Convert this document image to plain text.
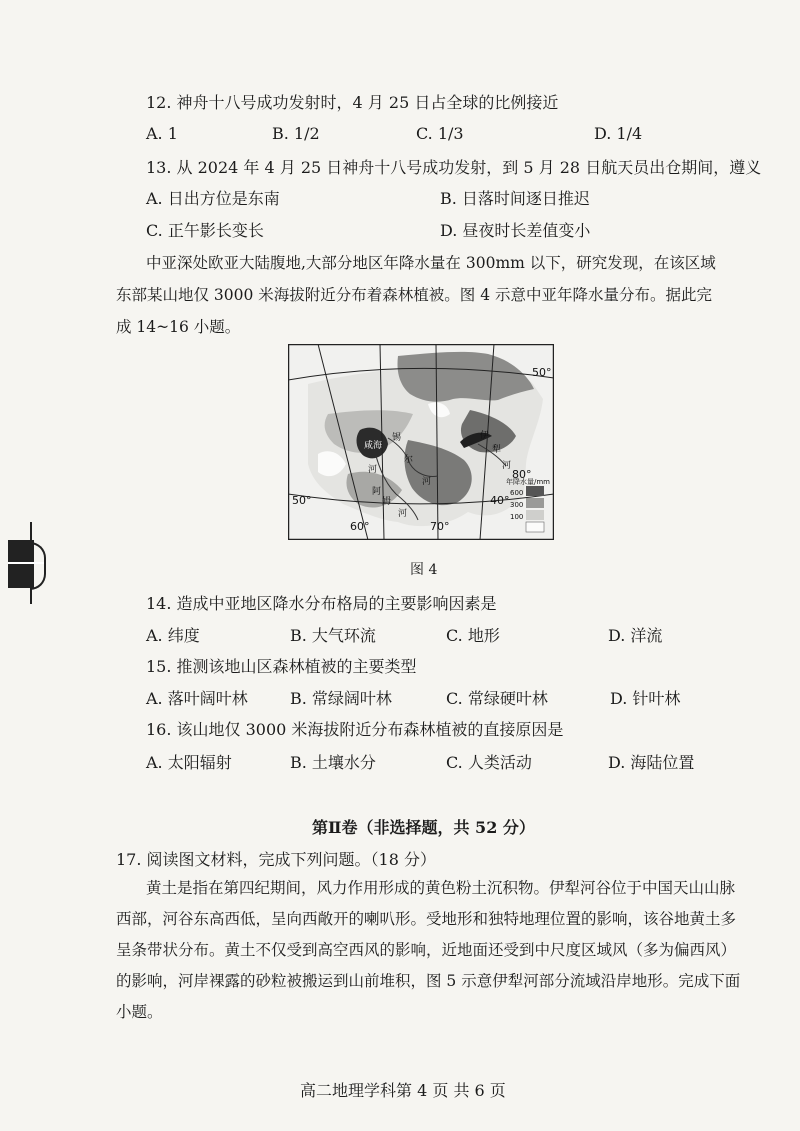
12. 神舟十八号成功发射时，4 月 25 日占全球的比例接近
A. 1	B. 1/2	C. 1/3	D. 1/4
13. 从 2024 年 4 月 25 日神舟十八号成功发射，到 5 月 28 日航天员出仓期间，遵义
A. 日出方位是东南	B. 日落时间逐日推迟
C. 正午影长变长	D. 昼夜时长差值变小
中亚深处欧亚大陆腹地,大部分地区年降水量在 300mm 以下，研究发现，在该区域
东部某山地仅 3000 米海拔附近分布着森林植被。图 4 示意中亚年降水量分布。据此完
成 14~16 小题。
50°
40°
50°
60°	70°
80°
咸海
锡
尔
河
河
阿
姆
河
伊
犁
河
年降水量/mm
600
300
100
图 4
14. 造成中亚地区降水分布格局的主要影响因素是
A. 纬度	B. 大气环流	C. 地形	D. 洋流
15. 推测该地山区森林植被的主要类型
A. 落叶阔叶林	B. 常绿阔叶林	C. 常绿硬叶林	D. 针叶林
16. 该山地仅 3000 米海拔附近分布森林植被的直接原因是
A. 太阳辐射	B. 土壤水分	C. 人类活动	D. 海陆位置
第Ⅱ卷（非选择题，共 52 分）
17. 阅读图文材料，完成下列问题。（18 分）
黄土是指在第四纪期间，风力作用形成的黄色粉土沉积物。伊犁河谷位于中国天山山脉西部，河谷东高西低，呈向西敞开的喇叭形。受地形和独特地理位置的影响，该谷地黄土多呈条带状分布。黄土不仅受到高空西风的影响，近地面还受到中尺度区域风（多为偏西风）的影响，河岸裸露的砂粒被搬运到山前堆积，图 5 示意伊犁河部分流域沿岸地形。完成下面小题。
高二地理学科第 4 页 共 6 页
